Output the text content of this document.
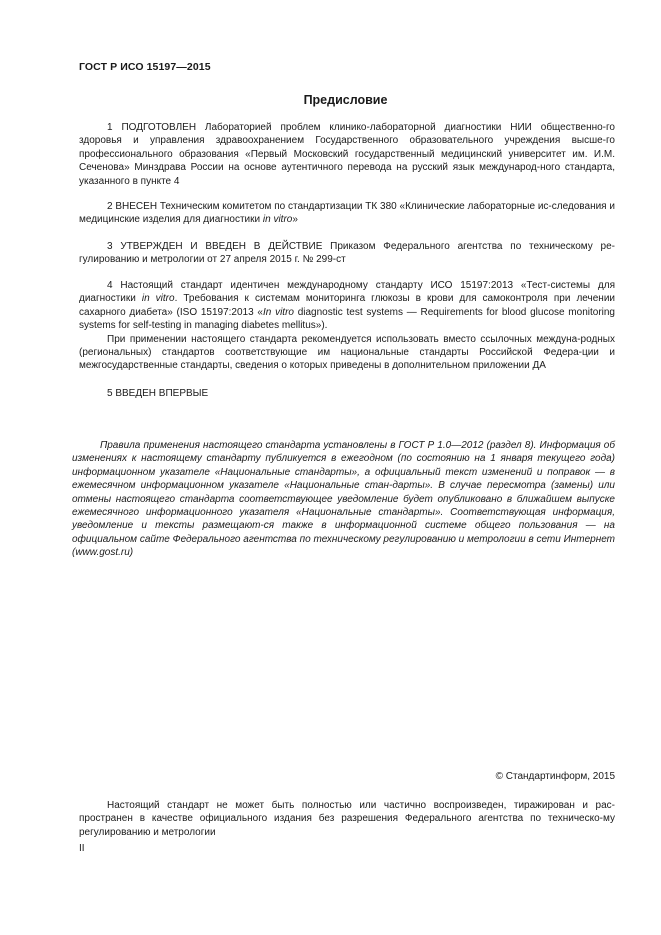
ГОСТ Р ИСО 15197—2015
Предисловие

1 ПОДГОТОВЛЕН Лабораторией проблем клинико-лабораторной диагностики НИИ общественно-го здоровья и управления здравоохранением Государственного образовательного учреждения высше-го профессионального образования «Первый Московский государственный медицинский университет им. И.М. Сеченова» Минздрава России на основе аутентичного перевода на русский язык международ-ного стандарта, указанного в пункте 4

2 ВНЕСЕН Техническим комитетом по стандартизации ТК 380 «Клинические лабораторные ис-следования и медицинские изделия для диагностики in vitro»

3 УТВЕРЖДЕН И ВВЕДЕН В ДЕЙСТВИЕ Приказом Федерального агентства по техническому ре-гулированию и метрологии от 27 апреля 2015 г. № 299-ст

4 Настоящий стандарт идентичен международному стандарту ИСО 15197:2013 «Тест-системы для диагностики in vitro. Требования к системам мониторинга глюкозы в крови для самоконтроля при лечении сахарного диабета» (ISO 15197:2013 «In vitro diagnostic test systems — Requirements for blood glucose monitoring systems for self-testing in managing diabetes mellitus»).

При применении настоящего стандарта рекомендуется использовать вместо ссылочных междуна-родных (региональных) стандартов соответствующие им национальные стандарты Российской Федера-ции и межгосударственные стандарты, сведения о которых приведены в дополнительном приложении ДА

5 ВВЕДЕН ВПЕРВЫЕ

Правила применения настоящего стандарта установлены в ГОСТ Р 1.0—2012 (раздел 8). Информация об изменениях к настоящему стандарту публикуется в ежегодном (по состоянию на 1 января текущего года) информационном указателе «Национальные стандарты», а официальный текст изменений и поправок — в ежемесячном информационном указателе «Национальные стан-дарты». В случае пересмотра (замены) или отмены настоящего стандарта соответствующее уведомление будет опубликовано в ближайшем выпуске ежемесячного информационного указателя «Национальные стандарты». Соответствующая информация, уведомление и тексты размещают-ся также в информационной системе общего пользования — на официальном сайте Федерального агентства по техническому регулированию и метрологии в сети Интернет (www.gost.ru)

© Стандартинформ, 2015

Настоящий стандарт не может быть полностью или частично воспроизведен, тиражирован и рас-пространен в качестве официального издания без разрешения Федерального агентства по техническо-му регулированию и метрологии

II
